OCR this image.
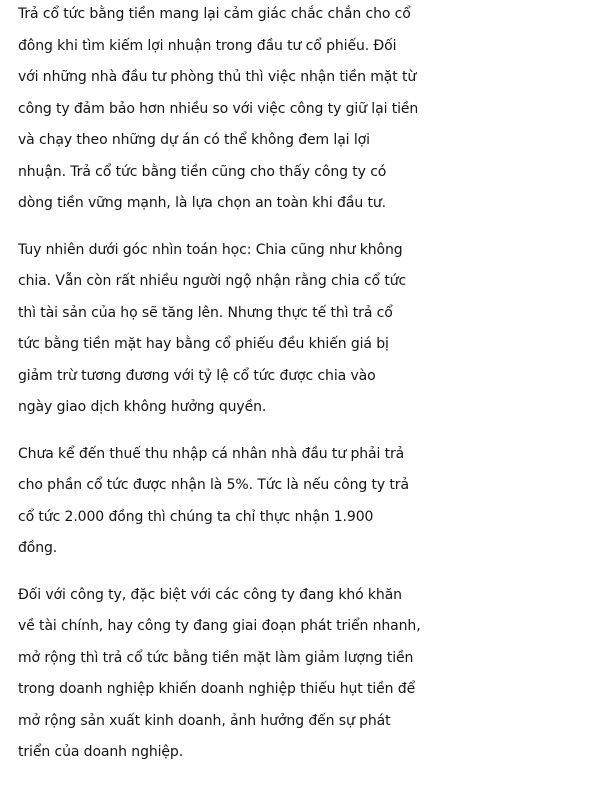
Trả cổ tức bằng tiền mang lại cảm giác chắc chắn cho cổ
đông khi tìm kiếm lợi nhuận trong đầu tư cổ phiếu. Đối
với những nhà đầu tư phòng thủ thì việc nhận tiền mặt từ
công ty đảm bảo hơn nhiều so với việc công ty giữ lại tiền
và chạy theo những dự án có thể không đem lại lợi
nhuận. Trả cổ tức bằng tiền cũng cho thấy công ty có
dòng tiền vững mạnh, là lựa chọn an toàn khi đầu tư.

Tuy nhiên dưới góc nhìn toán học: Chia cũng như không
chia. Vẫn còn rất nhiều người ngộ nhận rằng chia cổ tức
thì tài sản của họ sẽ tăng lên. Nhưng thực tế thì trả cổ
tức bằng tiền mặt hay bằng cổ phiếu đều khiến giá bị
giảm trừ tương đương với tỷ lệ cổ tức được chia vào
ngày giao dịch không hưởng quyền.

Chưa kể đến thuế thu nhập cá nhân nhà đầu tư phải trả
cho phần cổ tức được nhận là 5%. Tức là nếu công ty trả
cổ tức 2.000 đồng thì chúng ta chỉ thực nhận 1.900
đồng.

Đối với công ty, đặc biệt với các công ty đang khó khăn
về tài chính, hay công ty đang giai đoạn phát triển nhanh,
mở rộng thì trả cổ tức bằng tiền mặt làm giảm lượng tiền
trong doanh nghiệp khiến doanh nghiệp thiếu hụt tiền để
mở rộng sản xuất kinh doanh, ảnh hưởng đến sự phát
triển của doanh nghiệp.
